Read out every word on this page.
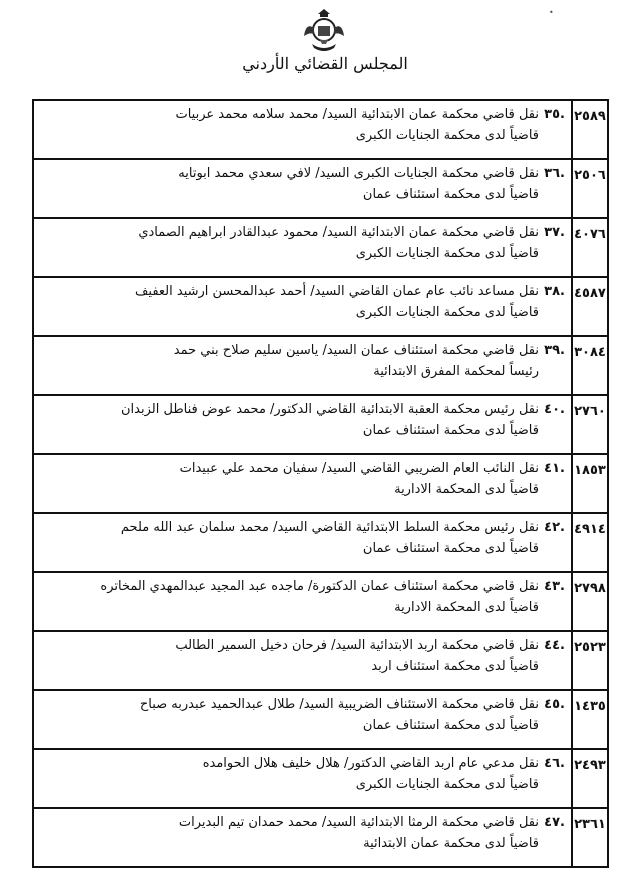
المجلس القضائي الأردني
•
٢٥٨٩	.٣٥
نقل قاضي محكمة عمان الابتدائية السيد/ محمد سلامه محمد عربيات
قاضياً لدى محكمة الجنايات الكبرى

٢٥٠٦	.٣٦
نقل قاضي محكمة الجنايات الكبرى السيد/ لافي سعدي محمد ابوتايه
قاضياً لدى محكمة استئناف عمان

٤٠٧٦	.٣٧
نقل قاضي محكمة عمان الابتدائية السيد/ محمود عبدالقادر ابراهيم الصمادي
قاضياً لدى محكمة الجنايات الكبرى

٤٥٨٧	.٣٨
نقل مساعد نائب عام عمان القاضي السيد/ أحمد عبدالمحسن ارشيد العفيف
قاضياً لدى محكمة الجنايات الكبرى

٣٠٨٤	.٣٩
نقل قاضي محكمة استئناف عمان السيد/ ياسين سليم صلاح بني حمد
رئيساً لمحكمة المفرق الابتدائية

٢٧٦٠	.٤٠
نقل رئيس محكمة العقبة الابتدائية القاضي الدكتور/ محمد عوض فناطل الزبدان
قاضياً لدى محكمة استئناف عمان

١٨٥٣	.٤١
نقل النائب العام الضريبي القاضي السيد/ سفيان محمد علي عبيدات
قاضياً لدى المحكمة الادارية

٤٩١٤	.٤٢
نقل رئيس محكمة السلط الابتدائية القاضي السيد/ محمد سلمان عبد الله ملحم
قاضياً لدى محكمة استئناف عمان

٢٧٩٨	.٤٣
نقل قاضي محكمة استئناف عمان الدكتورة/ ماجده عبد المجيد عبدالمهدي المخاتره
قاضياً لدى المحكمة الادارية

٢٥٢٣	.٤٤
نقل قاضي محكمة اربد الابتدائية السيد/ فرحان دخيل السمير الطالب
قاضياً لدى محكمة استئناف اربد

١٤٣٥	.٤٥
نقل قاضي محكمة الاستئناف الضريبية السيد/ طلال عبدالحميد عبدربه صباح
قاضياً لدى محكمة استئناف عمان

٢٤٩٣	.٤٦
نقل مدعي عام اربد القاضي الدكتور/ هلال خليف هلال الحوامده
قاضياً لدى محكمة الجنايات الكبرى

٢٣٦١	.٤٧
نقل قاضي محكمة الرمثا الابتدائية السيد/ محمد حمدان تيم البديرات
قاضياً لدى محكمة عمان الابتدائية
